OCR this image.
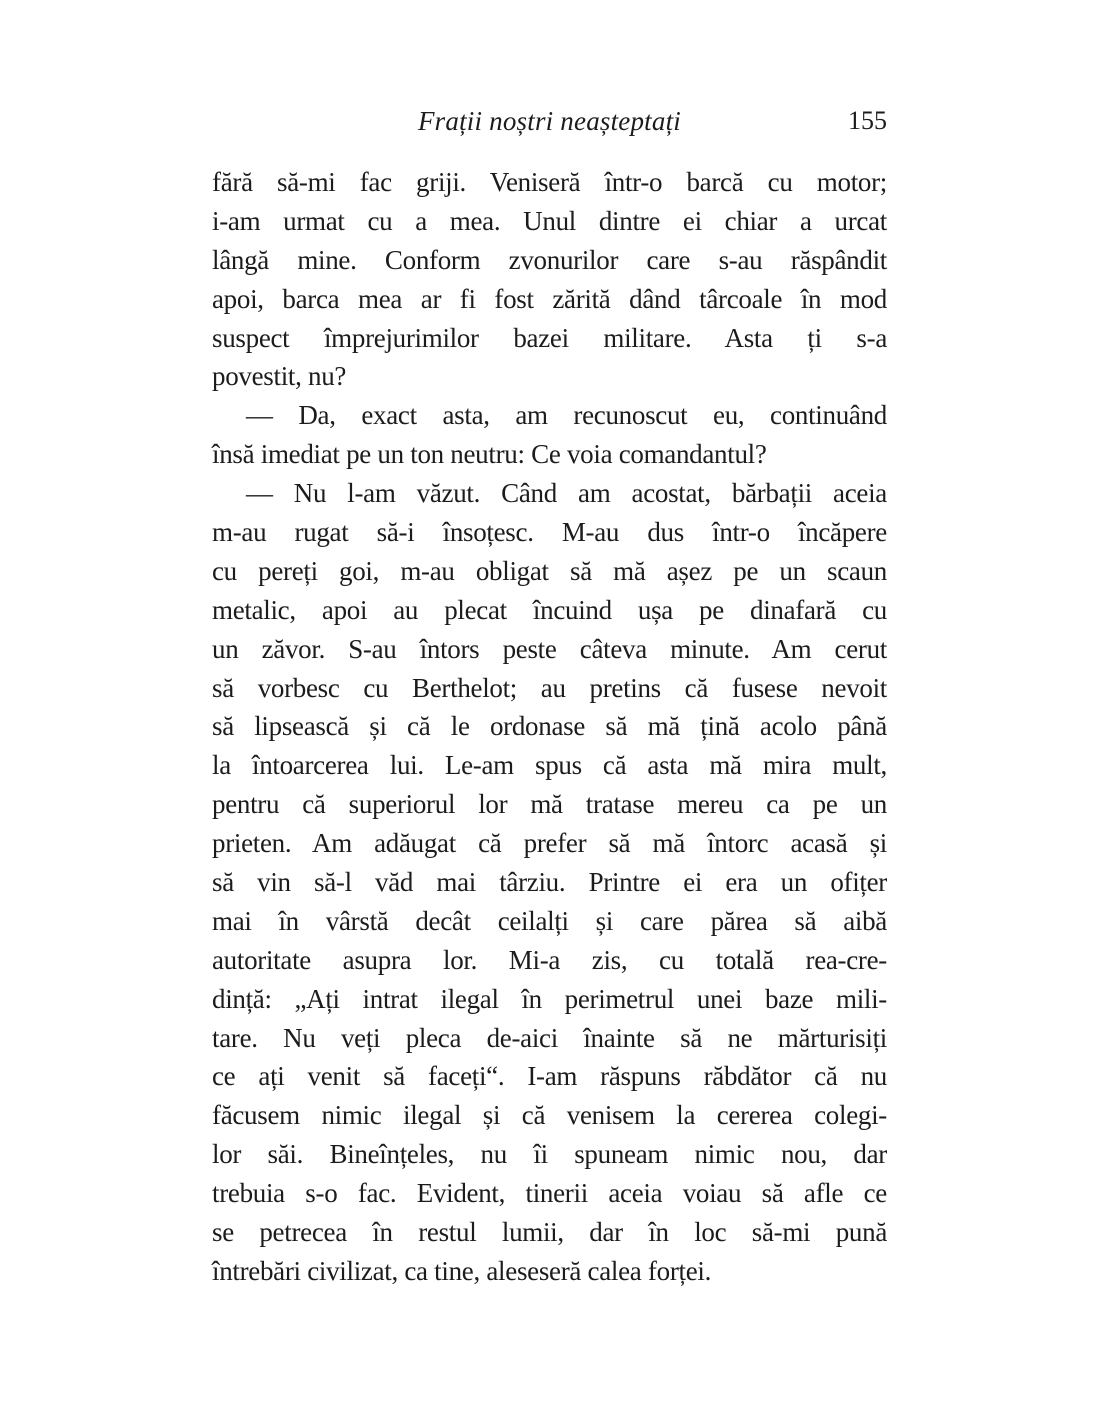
Frații noștri neașteptați	155
fără să-mi fac griji. Veniseră într-o barcă cu motor;
i-am urmat cu a mea. Unul dintre ei chiar a urcat
lângă mine. Conform zvonurilor care s-au răspândit
apoi, barca mea ar fi fost zărită dând târcoale în mod
suspect împrejurimilor bazei militare. Asta ți s-a
povestit, nu?
— Da, exact asta, am recunoscut eu, continuând
însă imediat pe un ton neutru: Ce voia comandantul?
— Nu l-am văzut. Când am acostat, bărbații aceia
m-au rugat să-i însoțesc. M-au dus într-o încăpere
cu pereți goi, m-au obligat să mă așez pe un scaun
metalic, apoi au plecat încuind ușa pe dinafară cu
un zăvor. S-au întors peste câteva minute. Am cerut
să vorbesc cu Berthelot; au pretins că fusese nevoit
să lipsească și că le ordonase să mă țină acolo până
la întoarcerea lui. Le-am spus că asta mă mira mult,
pentru că superiorul lor mă tratase mereu ca pe un
prieten. Am adăugat că prefer să mă întorc acasă și
să vin să-l văd mai târziu. Printre ei era un ofițer
mai în vârstă decât ceilalți și care părea să aibă
autoritate asupra lor. Mi-a zis, cu totală rea-cre-
dință: „Ați intrat ilegal în perimetrul unei baze mili-
tare. Nu veți pleca de-aici înainte să ne mărturisiți
ce ați venit să faceți“. I-am răspuns răbdător că nu
făcusem nimic ilegal și că venisem la cererea colegi-
lor săi. Bineînțeles, nu îi spuneam nimic nou, dar
trebuia s-o fac. Evident, tinerii aceia voiau să afle ce
se petrecea în restul lumii, dar în loc să-mi pună
întrebări civilizat, ca tine, aleseseră calea forței.
